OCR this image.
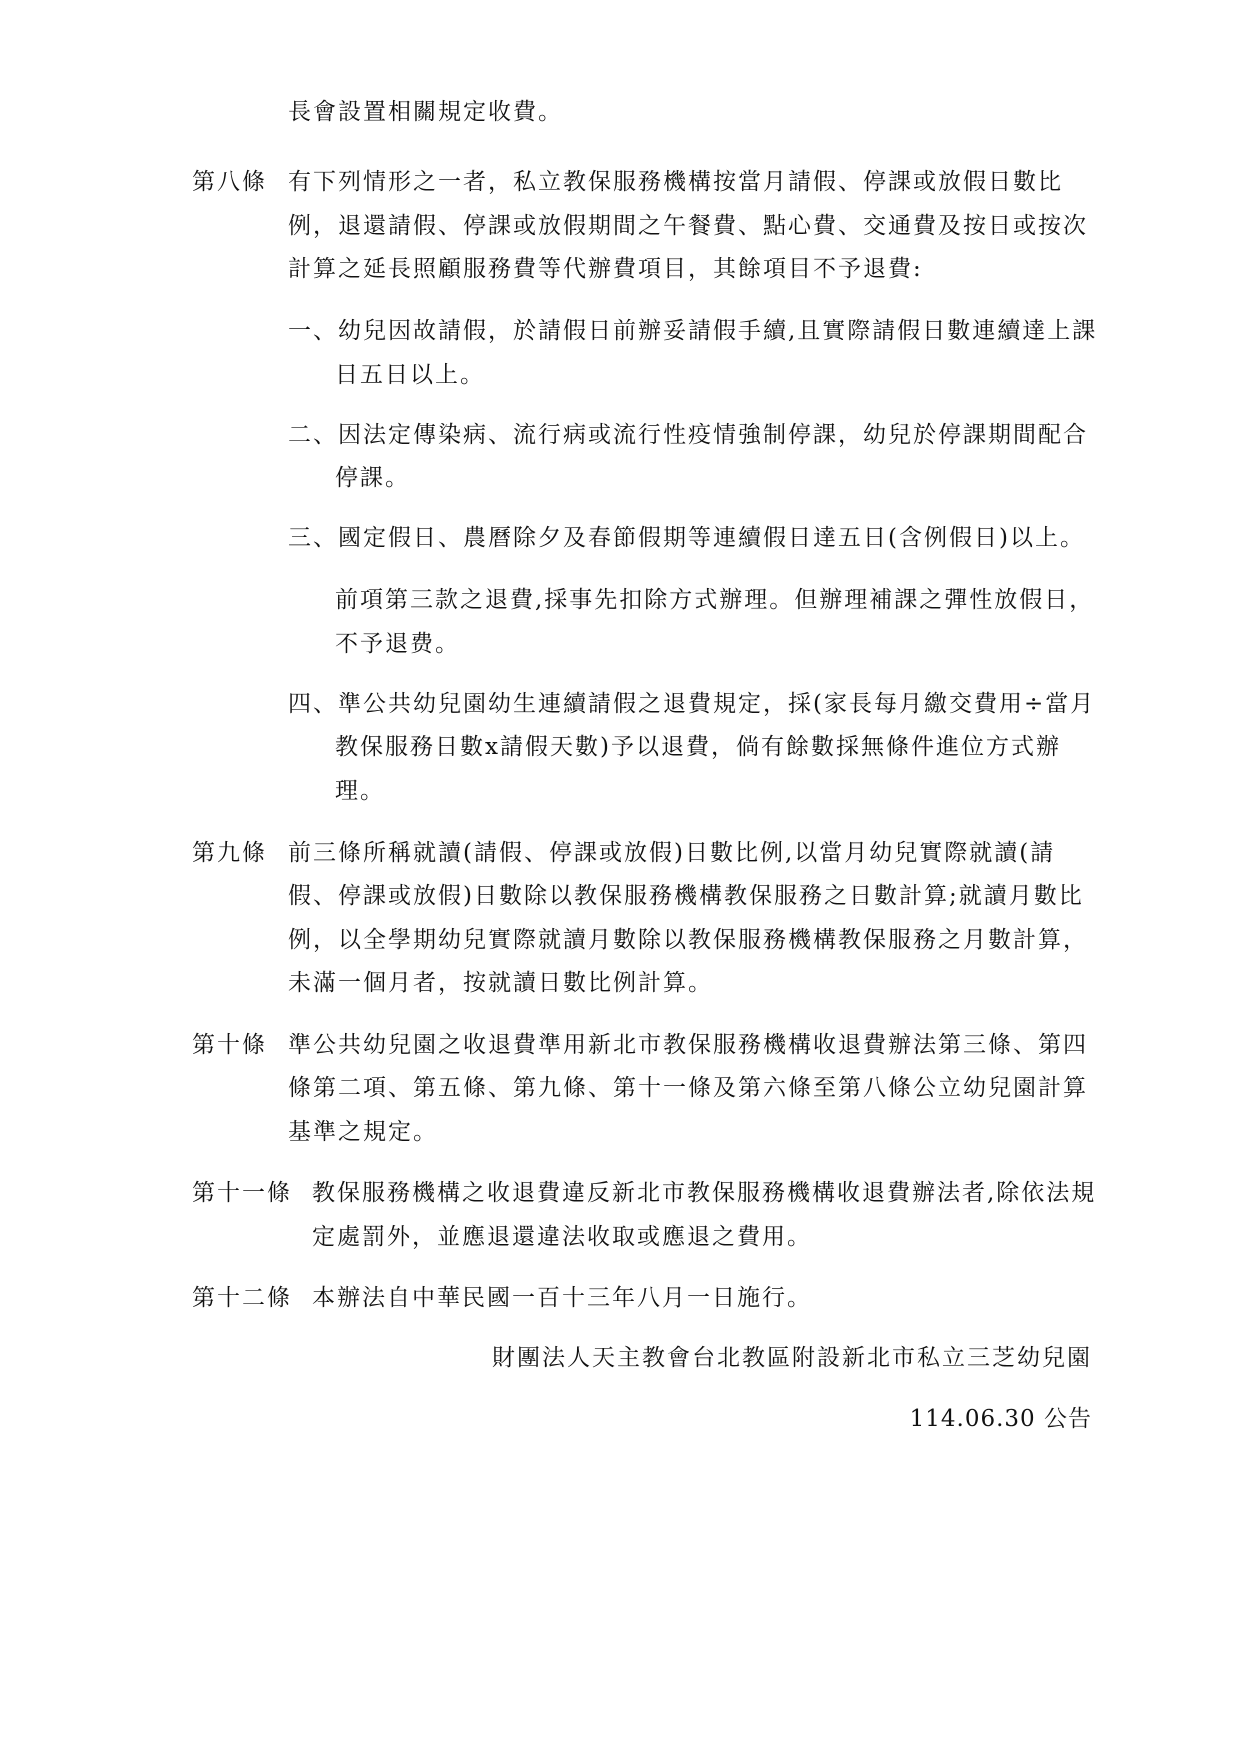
長會設置相關規定收費。
第八條 有下列情形之一者，私立教保服務機構按當月請假、停課或放假日數比
例，退還請假、停課或放假期間之午餐費、點心費、交通費及按日或按次
計算之延長照顧服務費等代辦費項目，其餘項目不予退費:
一、幼兒因故請假，於請假日前辦妥請假手續,且實際請假日數連續達上課
日五日以上。
二、因法定傳染病、流行病或流行性疫情強制停課，幼兒於停課期間配合
停課。
三、國定假日、農曆除夕及春節假期等連續假日達五日(含例假日)以上。
前項第三款之退費,採事先扣除方式辦理。但辦理補課之彈性放假日，
不予退费。
四、準公共幼兒園幼生連續請假之退費規定，採(家長每月繳交費用÷當月
教保服務日數x請假天數)予以退費，倘有餘數採無條件進位方式辦
理。
第九條 前三條所稱就讀(請假、停課或放假)日數比例,以當月幼兒實際就讀(請
假、停課或放假)日數除以教保服務機構教保服務之日數計算;就讀月數比
例，以全學期幼兒實際就讀月數除以教保服務機構教保服務之月數計算，
未滿一個月者，按就讀日數比例計算。
第十條 準公共幼兒園之收退費準用新北市教保服務機構收退費辦法第三條、第四
條第二項、第五條、第九條、第十一條及第六條至第八條公立幼兒園計算
基準之規定。
第十一條 教保服務機構之收退費違反新北市教保服務機構收退費辦法者,除依法規
定處罰外，並應退還違法收取或應退之費用。
第十二條 本辦法自中華民國一百十三年八月一日施行。
財團法人天主教會台北教區附設新北市私立三芝幼兒園
114.06.30 公告
